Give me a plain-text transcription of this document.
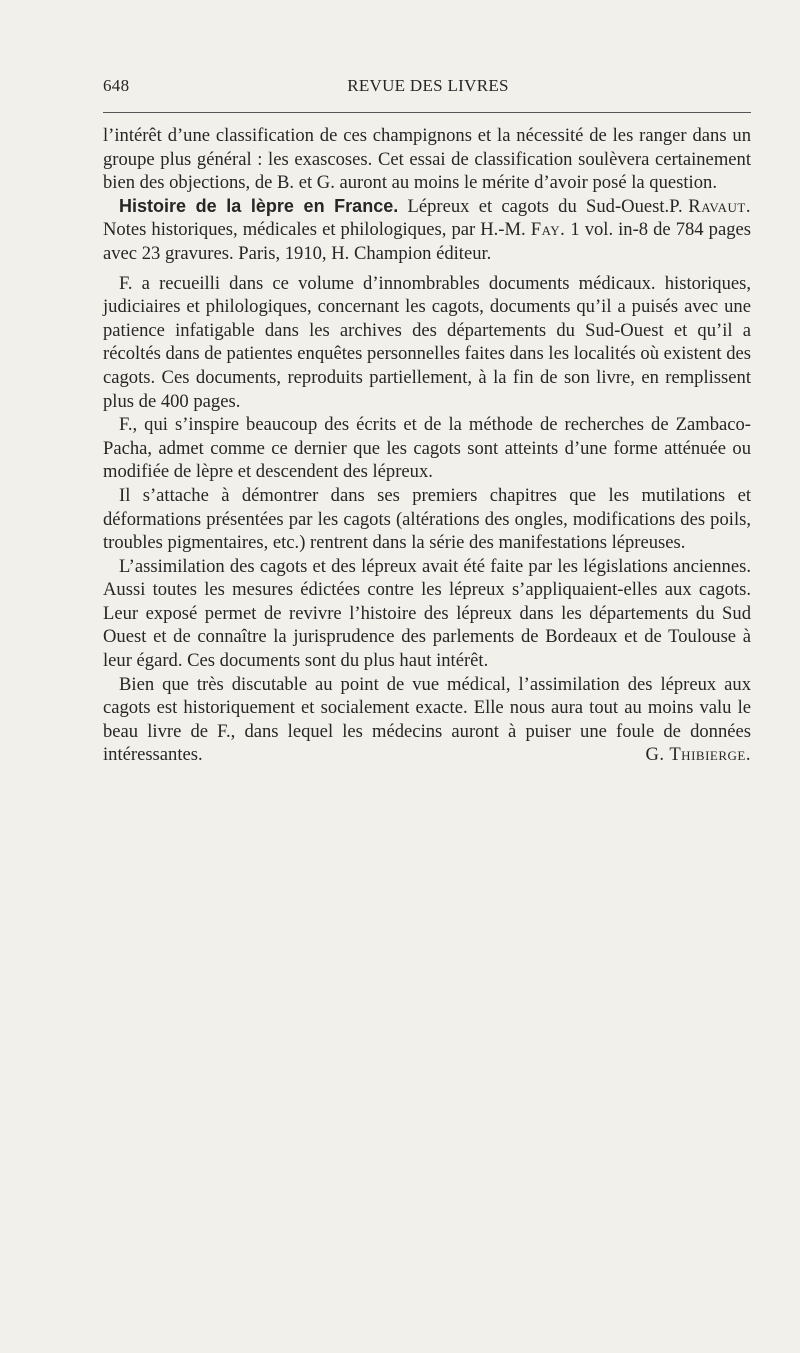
648	REVUE DES LIVRES

l’intérêt d’une classification de ces champignons et la nécessité de les ranger dans un groupe plus général : les exascoses. Cet essai de classification soulèvera certainement bien des objections, de B. et G. auront au moins le mérite d’avoir posé la question.
P. Ravaut.

Histoire de la lèpre en France. Lépreux et cagots du Sud-Ouest. Notes historiques, médicales et philologiques, par H.-M. Fay. 1 vol. in-8 de 784 pages avec 23 gravures. Paris, 1910, H. Champion éditeur.

F. a recueilli dans ce volume d’innombrables documents médicaux. historiques, judiciaires et philologiques, concernant les cagots, documents qu’il a puisés avec une patience infatigable dans les archives des départements du Sud-Ouest et qu’il a récoltés dans de patientes enquêtes personnelles faites dans les localités où existent des cagots. Ces documents, reproduits partiellement, à la fin de son livre, en remplissent plus de 400 pages.

F., qui s’inspire beaucoup des écrits et de la méthode de recherches de Zambaco-Pacha, admet comme ce dernier que les cagots sont atteints d’une forme atténuée ou modifiée de lèpre et descendent des lépreux.

Il s’attache à démontrer dans ses premiers chapitres que les mutilations et déformations présentées par les cagots (altérations des ongles, modifications des poils, troubles pigmentaires, etc.) rentrent dans la série des manifestations lépreuses.

L’assimilation des cagots et des lépreux avait été faite par les législations anciennes. Aussi toutes les mesures édictées contre les lépreux s’appliquaient-elles aux cagots. Leur exposé permet de revivre l’histoire des lépreux dans les départements du Sud Ouest et de connaître la jurisprudence des parlements de Bordeaux et de Toulouse à leur égard. Ces documents sont du plus haut intérêt.

Bien que très discutable au point de vue médical, l’assimilation des lépreux aux cagots est historiquement et socialement exacte. Elle nous aura tout au moins valu le beau livre de F., dans lequel les médecins auront à puiser une foule de données intéressantes.	G. Thibierge.
